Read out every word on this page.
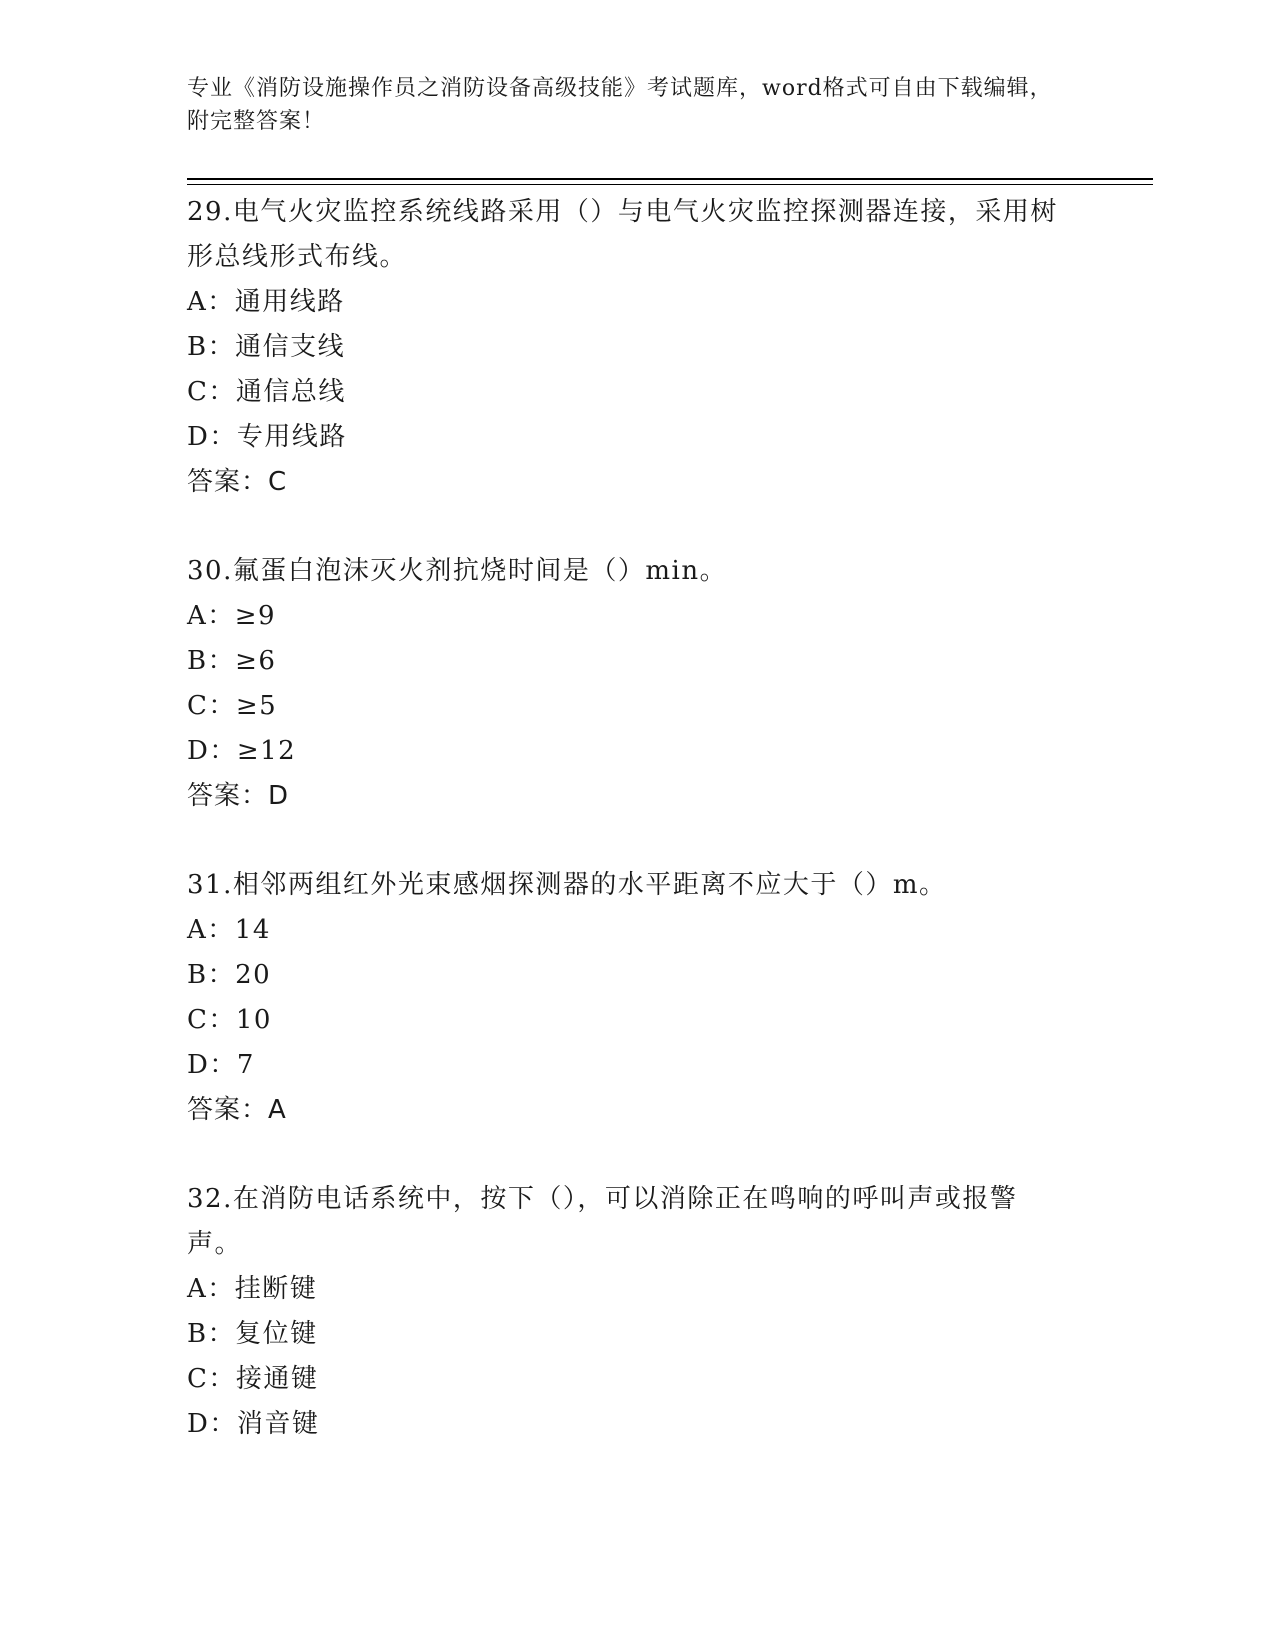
专业《消防设施操作员之消防设备高级技能》考试题库，word格式可自由下载编辑，附完整答案！
29.电气火灾监控系统线路采用（）与电气火灾监控探测器连接，采用树形总线形式布线。
A：通用线路
B：通信支线
C：通信总线
D：专用线路
答案：C
30.氟蛋白泡沫灭火剂抗烧时间是（）min。
A：≥9
B：≥6
C：≥5
D：≥12
答案：D
31.相邻两组红外光束感烟探测器的水平距离不应大于（）m。
A：14
B：20
C：10
D：7
答案：A
32.在消防电话系统中，按下（），可以消除正在鸣响的呼叫声或报警声。
A：挂断键
B：复位键
C：接通键
D：消音键
